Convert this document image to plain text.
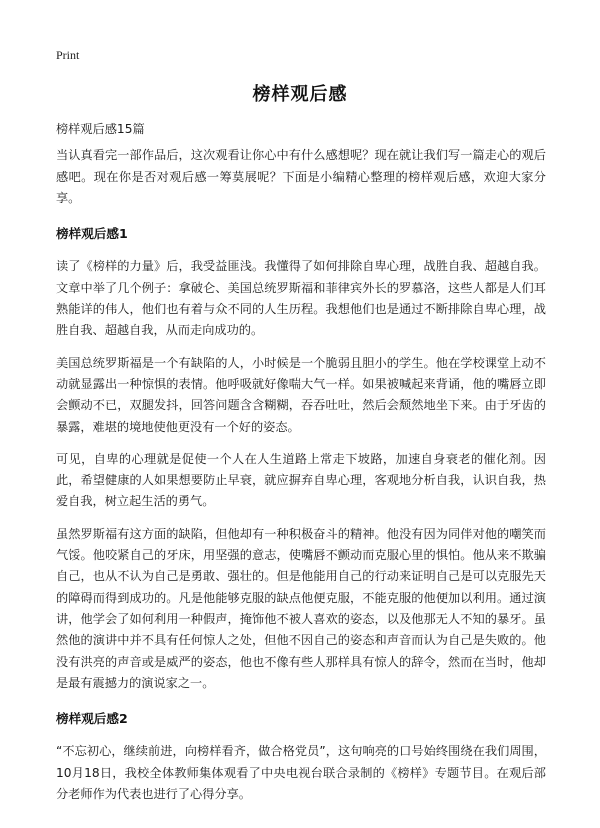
Print
榜样观后感

榜样观后感15篇

当认真看完一部作品后，这次观看让你心中有什么感想呢？现在就让我们写一篇走心的观后感吧。现在你是否对观后感一筹莫展呢？下面是小编精心整理的榜样观后感，欢迎大家分享。

榜样观后感1

读了《榜样的力量》后，我受益匪浅。我懂得了如何排除自卑心理，战胜自我、超越自我。文章中举了几个例子：拿破仑、美国总统罗斯福和菲律宾外长的罗慕洛，这些人都是人们耳熟能详的伟人，他们也有着与众不同的人生历程。我想他们也是通过不断排除自卑心理，战胜自我、超越自我，从而走向成功的。

美国总统罗斯福是一个有缺陷的人，小时候是一个脆弱且胆小的学生。他在学校课堂上动不动就显露出一种惊惧的表情。他呼吸就好像喘大气一样。如果被喊起来背诵，他的嘴唇立即会颤动不已，双腿发抖，回答问题含含糊糊，吞吞吐吐，然后会颓然地坐下来。由于牙齿的暴露，难堪的境地使他更没有一个好的姿态。

可见，自卑的心理就是促使一个人在人生道路上常走下坡路，加速自身衰老的催化剂。因此，希望健康的人如果想要防止早衰，就应摒弃自卑心理，客观地分析自我，认识自我，热爱自我，树立起生活的勇气。

虽然罗斯福有这方面的缺陷，但他却有一种积极奋斗的精神。他没有因为同伴对他的嘲笑而气馁。他咬紧自己的牙床，用坚强的意志，使嘴唇不颤动而克服心里的惧怕。他从来不欺骗自己，也从不认为自己是勇敢、强壮的。但是他能用自己的行动来证明自己是可以克服先天的障碍而得到成功的。凡是他能够克服的缺点他便克服，不能克服的他便加以利用。通过演讲，他学会了如何利用一种假声，掩饰他不被人喜欢的姿态，以及他那无人不知的暴牙。虽然他的演讲中并不具有任何惊人之处，但他不因自己的姿态和声音而认为自己是失败的。他没有洪亮的声音或是威严的姿态，他也不像有些人那样具有惊人的辞令，然而在当时，他却是最有震撼力的演说家之一。

榜样观后感2

“不忘初心，继续前进，向榜样看齐，做合格党员”，这句响亮的口号始终围绕在我们周围，10月18日，我校全体教师集体观看了中央电视台联合录制的《榜样》专题节目。在观后部分老师作为代表也进行了心得分享。
